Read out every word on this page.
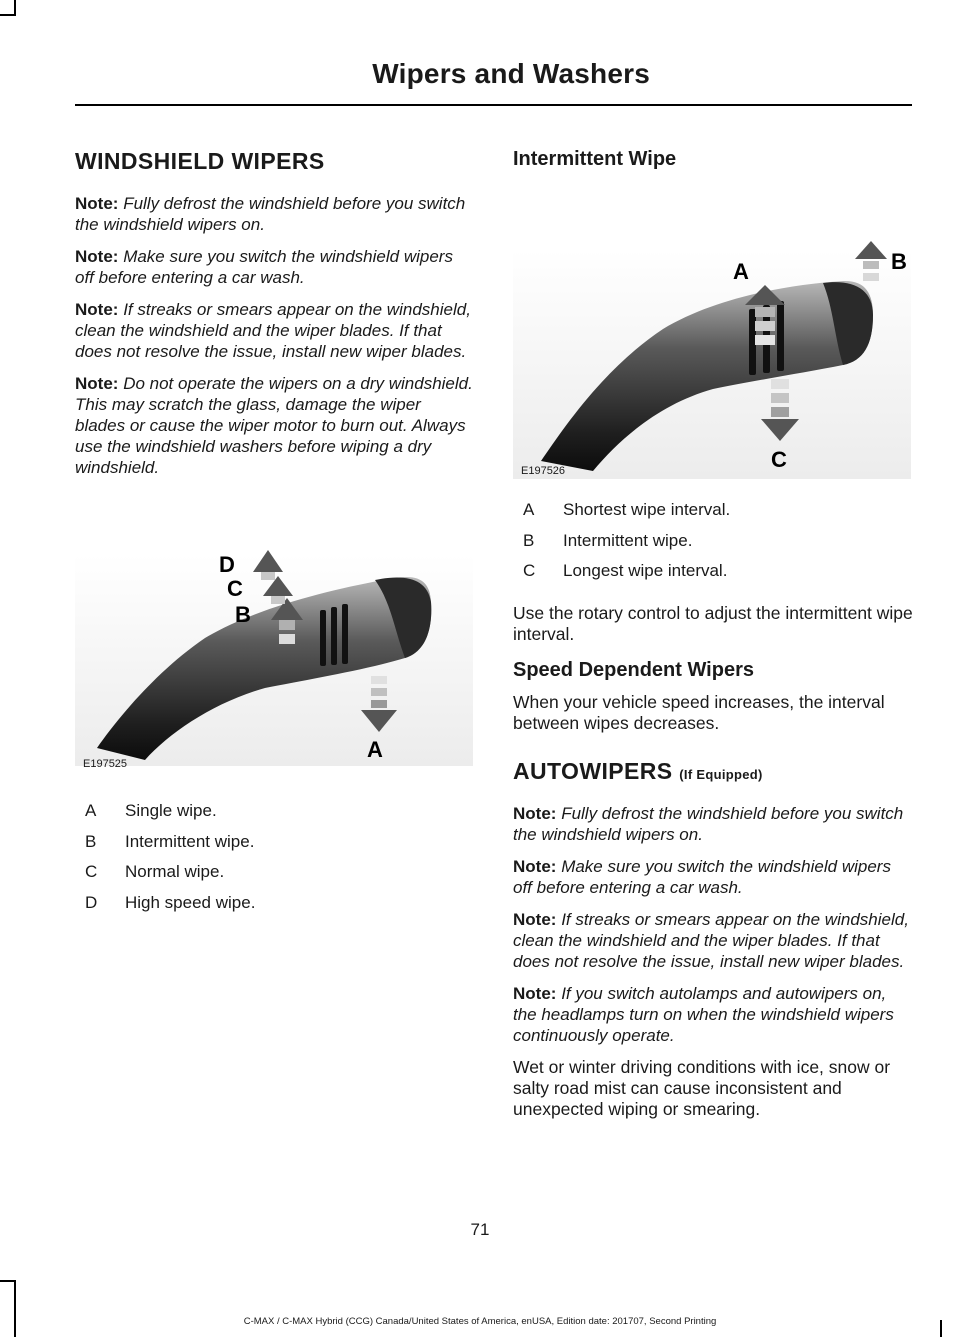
Wipers and Washers
WINDSHIELD WIPERS

Note: Fully defrost the windshield before you switch the windshield wipers on.

Note: Make sure you switch the windshield wipers off before entering a car wash.

Note: If streaks or smears appear on the windshield, clean the windshield and the wiper blades. If that does not resolve the issue, install new wiper blades.

Note: Do not operate the wipers on a dry windshield. This may scratch the glass, damage the wiper blades or cause the wiper motor to burn out. Always use the windshield washers before wiping a dry windshield.

D
C
B
A
E197525
A	Single wipe.
B	Intermittent wipe.
C	Normal wipe.
D	High speed wipe.
Intermittent Wipe
A	B
C
E197526
A	Shortest wipe interval.
B	Intermittent wipe.
C	Longest wipe interval.

Use the rotary control to adjust the intermittent wipe interval.

Speed Dependent Wipers

When your vehicle speed increases, the interval between wipes decreases.

AUTOWIPERS (If Equipped)

Note: Fully defrost the windshield before you switch the windshield wipers on.

Note: Make sure you switch the windshield wipers off before entering a car wash.

Note: If streaks or smears appear on the windshield, clean the windshield and the wiper blades. If that does not resolve the issue, install new wiper blades.

Note: If you switch autolamps and autowipers on, the headlamps turn on when the windshield wipers continuously operate.

Wet or winter driving conditions with ice, snow or salty road mist can cause inconsistent and unexpected wiping or smearing.

71
C-MAX / C-MAX Hybrid (CCG) Canada/United States of America, enUSA, Edition date: 201707, Second Printing
